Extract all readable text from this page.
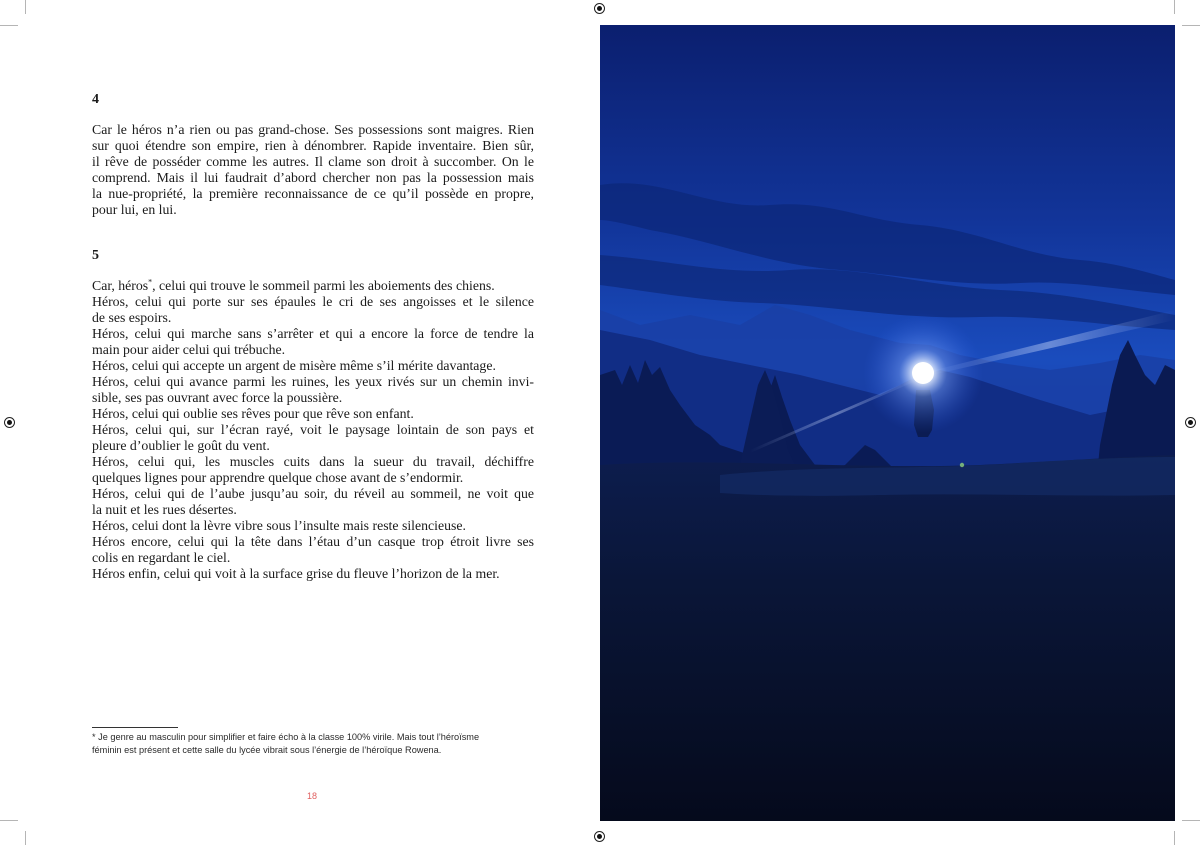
4

Car le héros n’a rien ou pas grand-chose. Ses possessions sont maigres. Rien
sur quoi étendre son empire, rien à dénombrer. Rapide inventaire. Bien sûr,
il rêve de posséder comme les autres. Il clame son droit à succomber. On le
comprend. Mais il lui faudrait d’abord chercher non pas la possession mais
la nue-propriété, la première reconnaissance de ce qu’il possède en propre,
pour lui, en lui.

5

Car, héros*, celui qui trouve le sommeil parmi les aboiements des chiens.
Héros, celui qui porte sur ses épaules le cri de ses angoisses et le silence
de ses espoirs.
Héros, celui qui marche sans s’arrêter et qui a encore la force de tendre la
main pour aider celui qui trébuche.
Héros, celui qui accepte un argent de misère même s’il mérite davantage.
Héros, celui qui avance parmi les ruines, les yeux rivés sur un chemin invi-
sible, ses pas ouvrant avec force la poussière.
Héros, celui qui oublie ses rêves pour que rêve son enfant.
Héros, celui qui, sur l’écran rayé, voit le paysage lointain de son pays et
pleure d’oublier le goût du vent.
Héros, celui qui, les muscles cuits dans la sueur du travail, déchiffre
quelques lignes pour apprendre quelque chose avant de s’endormir.
Héros, celui qui de l’aube jusqu’au soir, du réveil au sommeil, ne voit que
la nuit et les rues désertes.
Héros, celui dont la lèvre vibre sous l’insulte mais reste silencieuse.
Héros encore, celui qui la tête dans l’étau d’un casque trop étroit livre ses
colis en regardant le ciel.
Héros enfin, celui qui voit à la surface grise du fleuve l’horizon de la mer.

* Je genre au masculin pour simplifier et faire écho à la classe 100% virile. Mais tout l’héroïsme
féminin est présent et cette salle du lycée vibrait sous l’énergie de l’héroïque Rowena.
18
